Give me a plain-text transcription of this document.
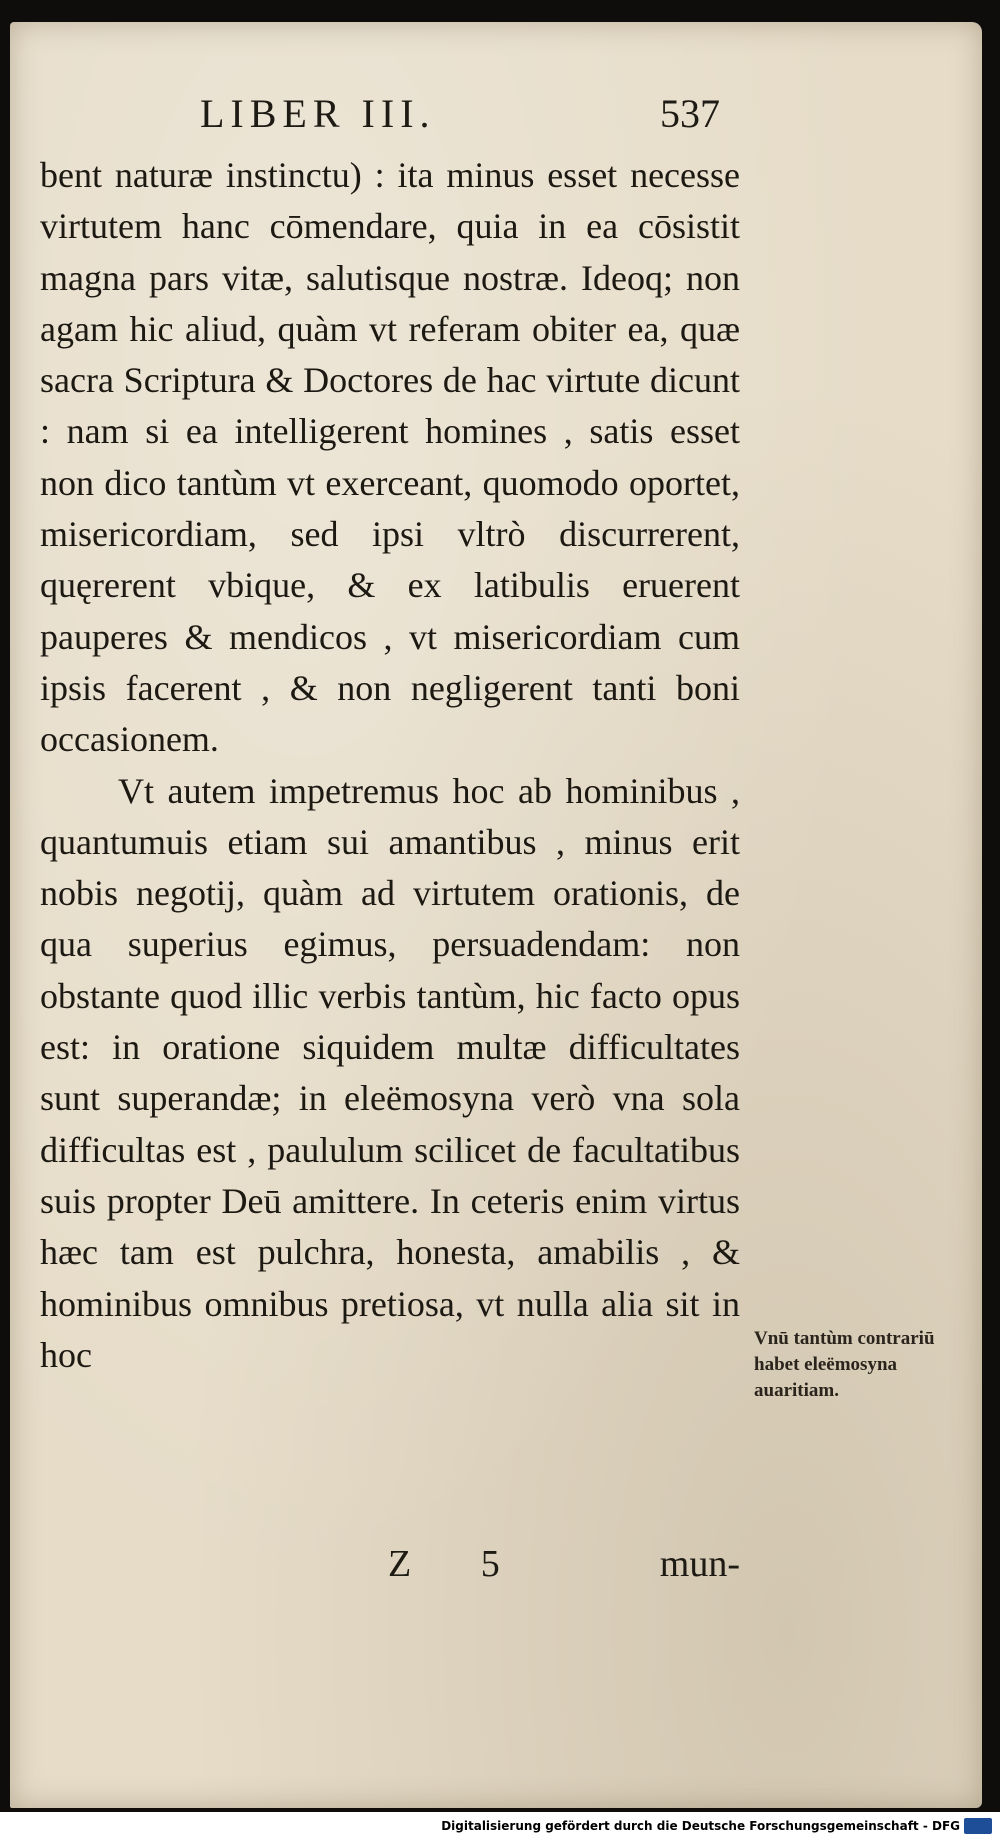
LIBER III.	537

bent naturæ instinctu) : ita minus esset necesse virtutem hanc cōmendare, quia in ea cōsistit magna pars vitæ, salutisque nostræ. Ideoq; non agam hic aliud, quàm vt referam obiter ea, quæ sacra Scriptura & Doctores de hac virtute dicunt : nam si ea intelligerent homines , satis esset non dico tantùm vt exerceant, quomodo oportet, misericordiam, sed ipsi vltrò discurrerent, quęrerent vbique, & ex latibulis eruerent pauperes & mendicos , vt misericordiam cum ipsis facerent , & non negligerent tanti boni occasionem.

Vt autem impetremus hoc ab hominibus , quantumuis etiam sui amantibus , minus erit nobis negotij, quàm ad virtutem orationis, de qua superius egimus, persuadendam: non obstante quod illic verbis tantùm, hic facto opus est: in oratione siquidem multæ difficultates sunt superandæ; in eleëmosyna verò vna sola difficultas est , paululum scilicet de facultatibus suis propter Deū amittere. In ceteris enim virtus hæc tam est pulchra, honesta, amabilis , & hominibus omnibus pretiosa, vt nulla alia sit in hoc	Vnū tantùm contrariū habet eleëmosyna auaritiam.
Z 5	mun-
Digitalisierung gefördert durch die Deutsche Forschungsgemeinschaft - DFG
